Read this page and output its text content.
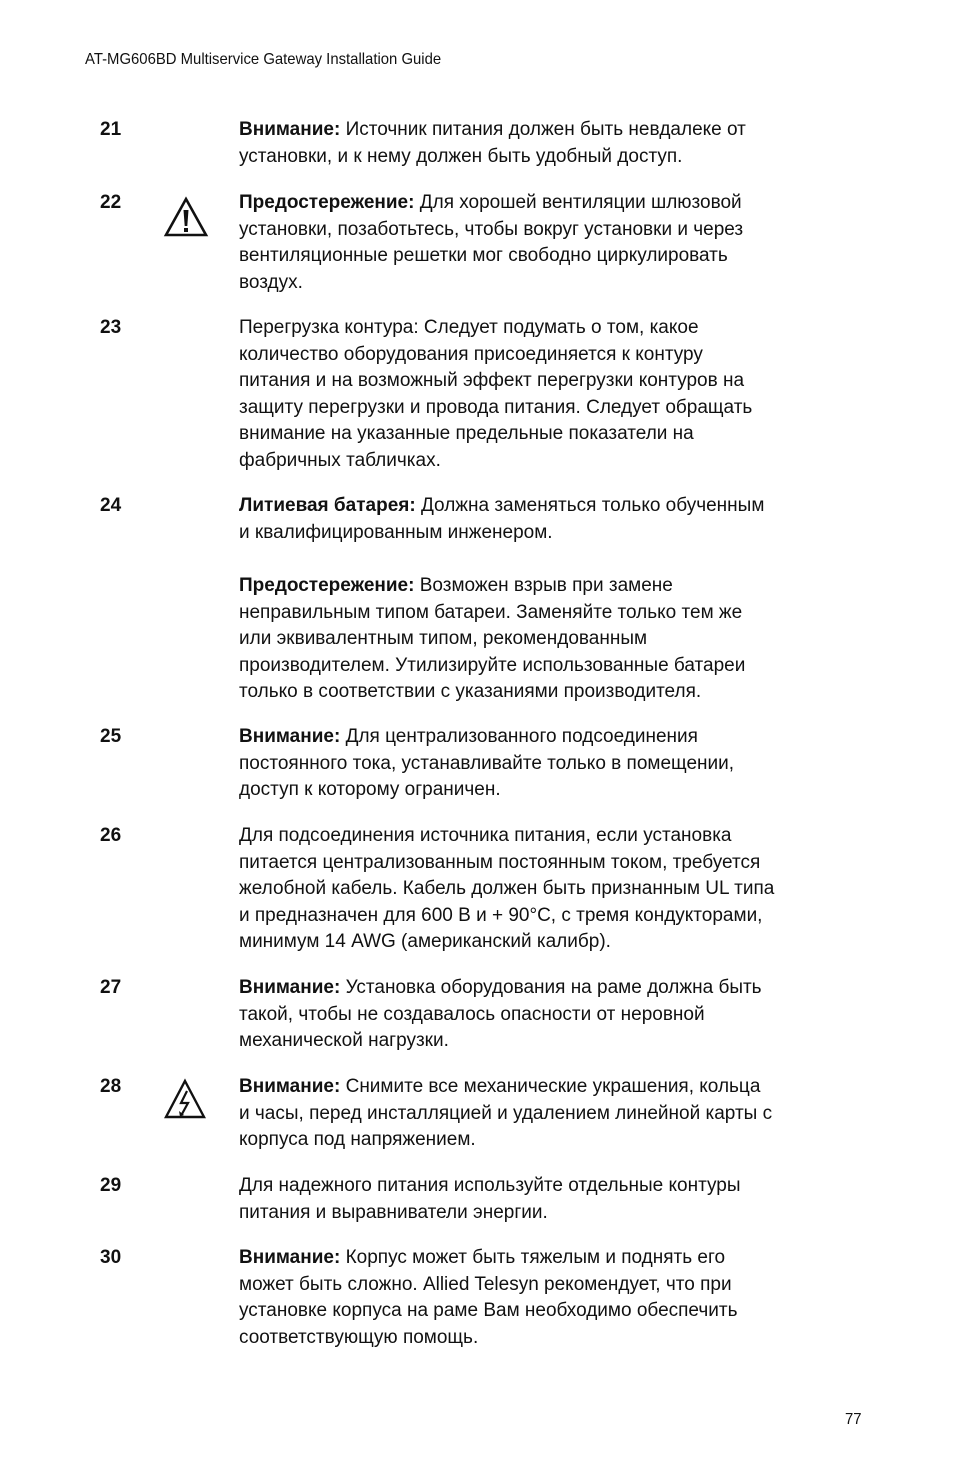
AT-MG606BD Multiservice Gateway Installation Guide
21	Внимание: Источник питания должен быть невдалеке от
установки, и к нему должен быть удобный доступ.

22	Предостережение: Для хорошей вентиляции шлюзовой
установки, позаботьтесь, чтобы вокруг установки и через
вентиляционные решетки мог свободно циркулировать
воздух.

23	Перегрузка контура: Следует подумать о том, какое
количество оборудования присоединяется к контуру
питания и на возможный эффект перегрузки контуров на
защиту перегрузки и провода питания. Следует обращать
внимание на указанные предельные показатели на
фабричных табличках.

24	Литиевая батарея: Должна заменяться только обученным
и квалифицированным инженером.

Предостережение: Возможен взрыв при замене
неправильным типом батареи. Заменяйте только тем же
или эквивалентным типом, рекомендованным
производителем. Утилизируйте использованные батареи
только в соответствии с указаниями производителя.

25	Внимание: Для централизованного подсоединения
постоянного тока, устанавливайте только в помещении,
доступ к которому ограничен.

26	Для подсоединения источника питания, если установка
питается централизованным постоянным током, требуется
желобной кабель. Кабель должен быть признанным UL типа
и предназначен для 600 В и + 90°С, с тремя кондукторами,
минимум 14 AWG (американский калибр).

27	Внимание: Установка оборудования на раме должна быть
такой, чтобы не создавалось опасности от неровной
механической нагрузки.

28	Внимание: Снимите все механические украшения, кольца
и часы, перед инсталляцией и удалением линейной карты с
корпуса под напряжением.

29	Для надежного питания используйте отдельные контуры
питания и выравниватели энергии.

30	Внимание: Корпус может быть тяжелым и поднять его
может быть сложно. Allied Telesyn рекомендует, что при
установке корпуса на раме Вам необходимо обеспечить
соответствующую помощь.

77
